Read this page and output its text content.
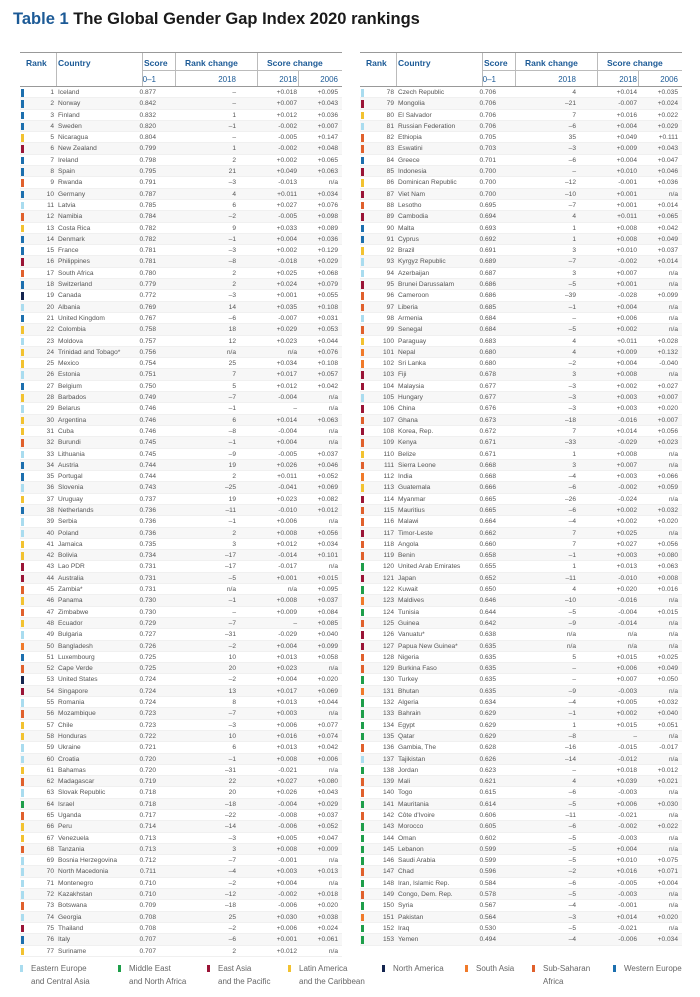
Table 1 The Global Gender Gap Index 2020 rankings
Rank Country	Score Rank change	Score change
0–1	2018	2018	2006
1 Iceland	0.877	–	+0.018	+0.095
2 Norway	0.842	–	+0.007	+0.043
3 Finland	0.832	1	+0.012	+0.036
4 Sweden	0.820	–1	-0.002	+0.007
5 Nicaragua	0.804	–	-0.005	+0.147
6 New Zealand	0.799	1	-0.002	+0.048
7 Ireland	0.798	2	+0.002	+0.065
8 Spain	0.795	21	+0.049	+0.063
9 Rwanda	0.791	–3	-0.013	n/a
10 Germany	0.787	4	+0.011	+0.034
11 Latvia	0.785	6	+0.027	+0.076
12 Namibia	0.784	–2	-0.005	+0.098
13 Costa Rica	0.782	9	+0.033	+0.089
14 Denmark	0.782	–1	+0.004	+0.036
15 France	0.781	–3	+0.002	+0.129
16 Philippines	0.781	–8	-0.018	+0.029
17 South Africa	0.780	2	+0.025	+0.068
18 Switzerland	0.779	2	+0.024	+0.079
19 Canada	0.772	–3	+0.001	+0.055
20 Albania	0.769	14	+0.035	+0.108
21 United Kingdom	0.767	–6	-0.007	+0.031
22 Colombia	0.758	18	+0.029	+0.053
23 Moldova	0.757	12	+0.023	+0.044
24 Trinidad and Tobago*	0.756	n/a	n/a	+0.076
25 Mexico	0.754	25	+0.034	+0.108
26 Estonia	0.751	7	+0.017	+0.057
27 Belgium	0.750	5	+0.012	+0.042
28 Barbados	0.749	–7	-0.004	n/a
29 Belarus	0.746	–1	–	n/a
30 Argentina	0.746	6	+0.014	+0.063
31 Cuba	0.746	–8	-0.004	n/a
32 Burundi	0.745	–1	+0.004	n/a
33 Lithuania	0.745	–9	-0.005	+0.037
34 Austria	0.744	19	+0.026	+0.046
35 Portugal	0.744	2	+0.011	+0.052
36 Slovenia	0.743	–25	-0.041	+0.069
37 Uruguay	0.737	19	+0.023	+0.082
38 Netherlands	0.736	–11	-0.010	+0.012
39 Serbia	0.736	–1	+0.006	n/a
40 Poland	0.736	2	+0.008	+0.056
41 Jamaica	0.735	3	+0.012	+0.034
42 Bolivia	0.734	–17	-0.014	+0.101
43 Lao PDR	0.731	–17	-0.017	n/a
44 Australia	0.731	–5	+0.001	+0.015
45 Zambia*	0.731	n/a	n/a	+0.095
46 Panama	0.730	–1	+0.008	+0.037
47 Zimbabwe	0.730	–	+0.009	+0.084
48 Ecuador	0.729	–7	–	+0.085
49 Bulgaria	0.727	–31	-0.029	+0.040
50 Bangladesh	0.726	–2	+0.004	+0.099
51 Luxembourg	0.725	10	+0.013	+0.058
52 Cape Verde	0.725	20	+0.023	n/a
53 United States	0.724	–2	+0.004	+0.020
54 Singapore	0.724	13	+0.017	+0.069
55 Romania	0.724	8	+0.013	+0.044
56 Mozambique	0.723	–7	+0.003	n/a
57 Chile	0.723	–3	+0.006	+0.077
58 Honduras	0.722	10	+0.016	+0.074
59 Ukraine	0.721	6	+0.013	+0.042
60 Croatia	0.720	–1	+0.008	+0.006
61 Bahamas	0.720	–31	-0.021	n/a
62 Madagascar	0.719	22	+0.027	+0.080
63 Slovak Republic	0.718	20	+0.026	+0.043
64 Israel	0.718	–18	-0.004	+0.029
65 Uganda	0.717	–22	-0.008	+0.037
66 Peru	0.714	–14	-0.006	+0.052
67 Venezuela	0.713	–3	+0.005	+0.047
68 Tanzania	0.713	3	+0.008	+0.009
69 Bosnia Herzegovina	0.712	–7	-0.001	n/a
70 North Macedonia	0.711	–4	+0.003	+0.013
71 Montenegro	0.710	–2	+0.004	n/a
72 Kazakhstan	0.710	–12	-0.002	+0.018
73 Botswana	0.709	–18	-0.006	+0.020
74 Georgia	0.708	25	+0.030	+0.038
75 Thailand	0.708	–2	+0.006	+0.024
76 Italy	0.707	–6	+0.001	+0.061
77 Suriname	0.707	2	+0.012	n/a
Rank Country	Score Rank change	Score change
0–1	2018	2018	2006
78 Czech Republic	0.706	4	+0.014	+0.035
79 Mongolia	0.706	–21	-0.007	+0.024
80 El Salvador	0.706	7	+0.016	+0.022
81 Russian Federation	0.706	–6	+0.004	+0.029
82 Ethiopia	0.705	35	+0.049	+0.111
83 Eswatini	0.703	–3	+0.009	+0.043
84 Greece	0.701	–6	+0.004	+0.047
85 Indonesia	0.700	–	+0.010	+0.046
86 Dominican Republic	0.700	–12	-0.001	+0.036
87 Viet Nam	0.700	–10	+0.001	n/a
88 Lesotho	0.695	–7	+0.001	+0.014
89 Cambodia	0.694	4	+0.011	+0.065
90 Malta	0.693	1	+0.008	+0.042
91 Cyprus	0.692	1	+0.008	+0.049
92 Brazil	0.691	3	+0.010	+0.037
93 Kyrgyz Republic	0.689	–7	-0.002	+0.014
94 Azerbaijan	0.687	3	+0.007	n/a
95 Brunei Darussalam	0.686	–5	+0.001	n/a
96 Cameroon	0.686	–39	-0.028	+0.099
97 Liberia	0.685	–1	+0.004	n/a
98 Armenia	0.684	–	+0.006	n/a
99 Senegal	0.684	–5	+0.002	n/a
100 Paraguay	0.683	4	+0.011	+0.028
101 Nepal	0.680	4	+0.009	+0.132
102 Sri Lanka	0.680	–2	+0.004	-0.040
103 Fiji	0.678	3	+0.008	n/a
104 Malaysia	0.677	–3	+0.002	+0.027
105 Hungary	0.677	–3	+0.003	+0.007
106 China	0.676	–3	+0.003	+0.020
107 Ghana	0.673	–18	-0.016	+0.007
108 Korea, Rep.	0.672	7	+0.014	+0.056
109 Kenya	0.671	–33	-0.029	+0.023
110 Belize	0.671	1	+0.008	n/a
111 Sierra Leone	0.668	3	+0.007	n/a
112 India	0.668	–4	+0.003	+0.066
113 Guatemala	0.666	–6	-0.002	+0.059
114 Myanmar	0.665	–26	-0.024	n/a
115 Mauritius	0.665	–6	+0.002	+0.032
116 Malawi	0.664	–4	+0.002	+0.020
117 Timor-Leste	0.662	7	+0.025	n/a
118 Angola	0.660	7	+0.027	+0.056
119 Benin	0.658	–1	+0.003	+0.080
120 United Arab Emirates	0.655	1	+0.013	+0.063
121 Japan	0.652	–11	-0.010	+0.008
122 Kuwait	0.650	4	+0.020	+0.016
123 Maldives	0.646	–10	-0.016	n/a
124 Tunisia	0.644	–5	-0.004	+0.015
125 Guinea	0.642	–9	-0.014	n/a
126 Vanuatu*	0.638	n/a	n/a	n/a
127 Papua New Guinea*	0.635	n/a	n/a	n/a
128 Nigeria	0.635	5	+0.015	+0.025
129 Burkina Faso	0.635	–	+0.006	+0.049
130 Turkey	0.635	–	+0.007	+0.050
131 Bhutan	0.635	–9	-0.003	n/a
132 Algeria	0.634	–4	+0.005	+0.032
133 Bahrain	0.629	–1	+0.002	+0.040
134 Egypt	0.629	1	+0.015	+0.051
135 Qatar	0.629	–8	–	n/a
136 Gambia, The	0.628	–16	-0.015	-0.017
137 Tajikistan	0.626	–14	-0.012	n/a
138 Jordan	0.623	–	+0.018	+0.012
139 Mali	0.621	4	+0.039	+0.021
140 Togo	0.615	–6	-0.003	n/a
141 Mauritania	0.614	–5	+0.006	+0.030
142 Côte d'Ivoire	0.606	–11	-0.021	n/a
143 Morocco	0.605	–6	-0.002	+0.022
144 Oman	0.602	–5	-0.003	n/a
145 Lebanon	0.599	–5	+0.004	n/a
146 Saudi Arabia	0.599	–5	+0.010	+0.075
147 Chad	0.596	–2	+0.016	+0.071
148 Iran, Islamic Rep.	0.584	–6	-0.005	+0.004
149 Congo, Dem. Rep.	0.578	–5	-0.003	n/a
150 Syria	0.567	–4	-0.001	n/a
151 Pakistan	0.564	–3	+0.014	+0.020
152 Iraq	0.530	–5	-0.021	n/a
153 Yemen	0.494	–4	-0.006	+0.034
Eastern Europe
and Central Asia
Middle East
and North Africa
East Asia
and the Pacific
Latin America
and the Caribbean
North America	South Asia	Sub-Saharan
Africa
Western Europe
